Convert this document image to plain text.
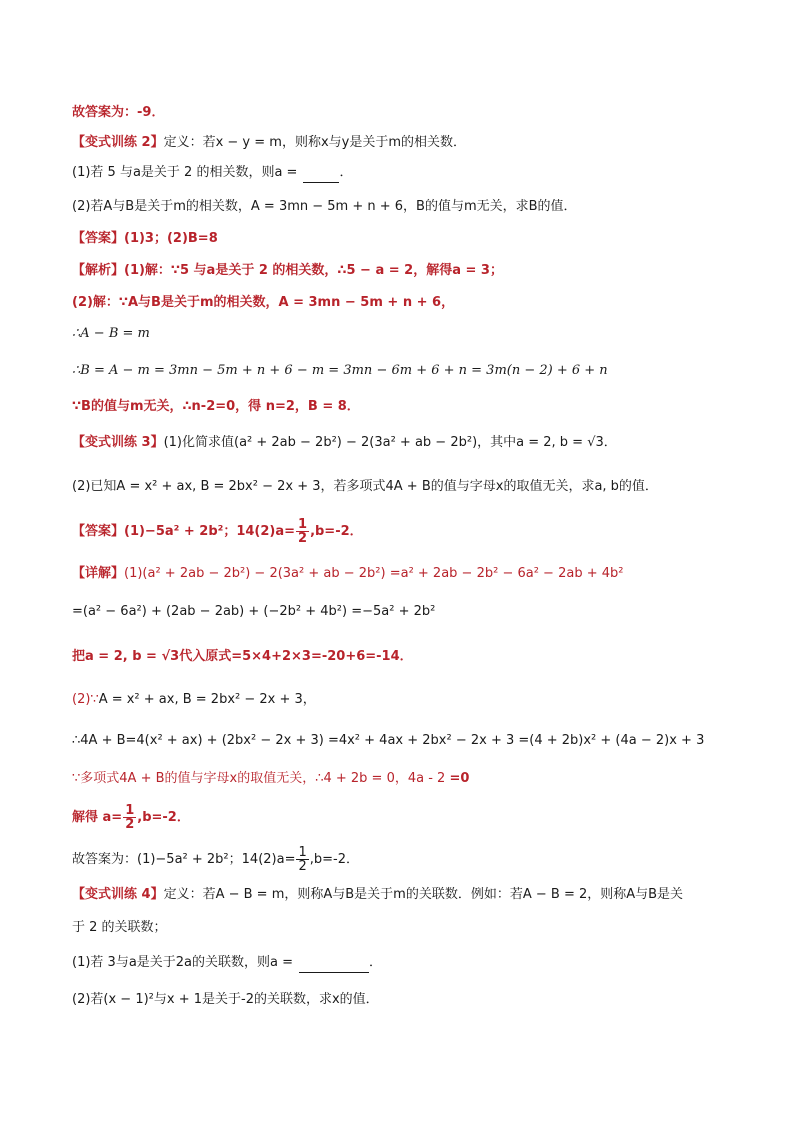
故答案为：-9．
【变式训练 2】定义：若x − y = m，则称x与y是关于m的相关数．
(1)若 5 与a是关于 2 的相关数，则a =	．
(2)若A与B是关于m的相关数，A = 3mn − 5m + n + 6，B的值与m无关，求B的值．
【答案】(1)3；(2)B=8
【解析】(1)解：∵5 与a是关于 2 的相关数，∴5 − a = 2，解得a = 3；
(2)解：∵A与B是关于m的相关数，A = 3mn − 5m + n + 6，
∴A − B = m
∴B = A − m = 3mn − 5m + n + 6 − m = 3mn − 6m + 6 + n = 3m(n − 2) + 6 + n
∵B的值与m无关，∴n-2=0，得 n=2，B = 8．
【变式训练 3】(1)化简求值(a² + 2ab − 2b²) − 2(3a² + ab − 2b²)，其中a = 2, b = √3．
(2)已知A = x² + ax, B = 2bx² − 2x + 3，若多项式4A + B的值与字母x的取值无关，求a, b的值．
【答案】(1)−5a² + 2b²；$14(2)a= \frac{1}{2} ,b=-2$．
【详解】(1)(a² + 2ab − 2b²) − 2(3a² + ab − 2b²) =a² + 2ab − 2b² − 6a² − 2ab + 4b²
=(a² − 6a²) + (2ab − 2ab) + (−2b² + 4b²) =−5a² + 2b²
把a = 2, b = √3代入原式=5×4+2×3=-20+6=-14．
(2)∵A = x² + ax, B = 2bx² − 2x + 3，
∴4A + B=4(x² + ax) + (2bx² − 2x + 3) =4x² + 4ax + 2bx² − 2x + 3 =(4 + 2b)x² + (4a − 2)x + 3
∵多项式4A + B的值与字母x的取值无关，∴4 + 2b = 0，4a - 2 =0
解得 $a= \frac{1}{2} ,b=-2$．
故答案为：(1)−5a² + 2b²；$14(2)a= \frac{1}{2} ,b=-2$．
【变式训练 4】定义：若A − B = m，则称A与B是关于m的关联数．例如：若A − B = 2，则称A与B是关
于 2 的关联数；
(1)若 3与a是关于2a的关联数，则a =	．
(2)若(x − 1)²与x + 1是关于-2的关联数，求x的值．
